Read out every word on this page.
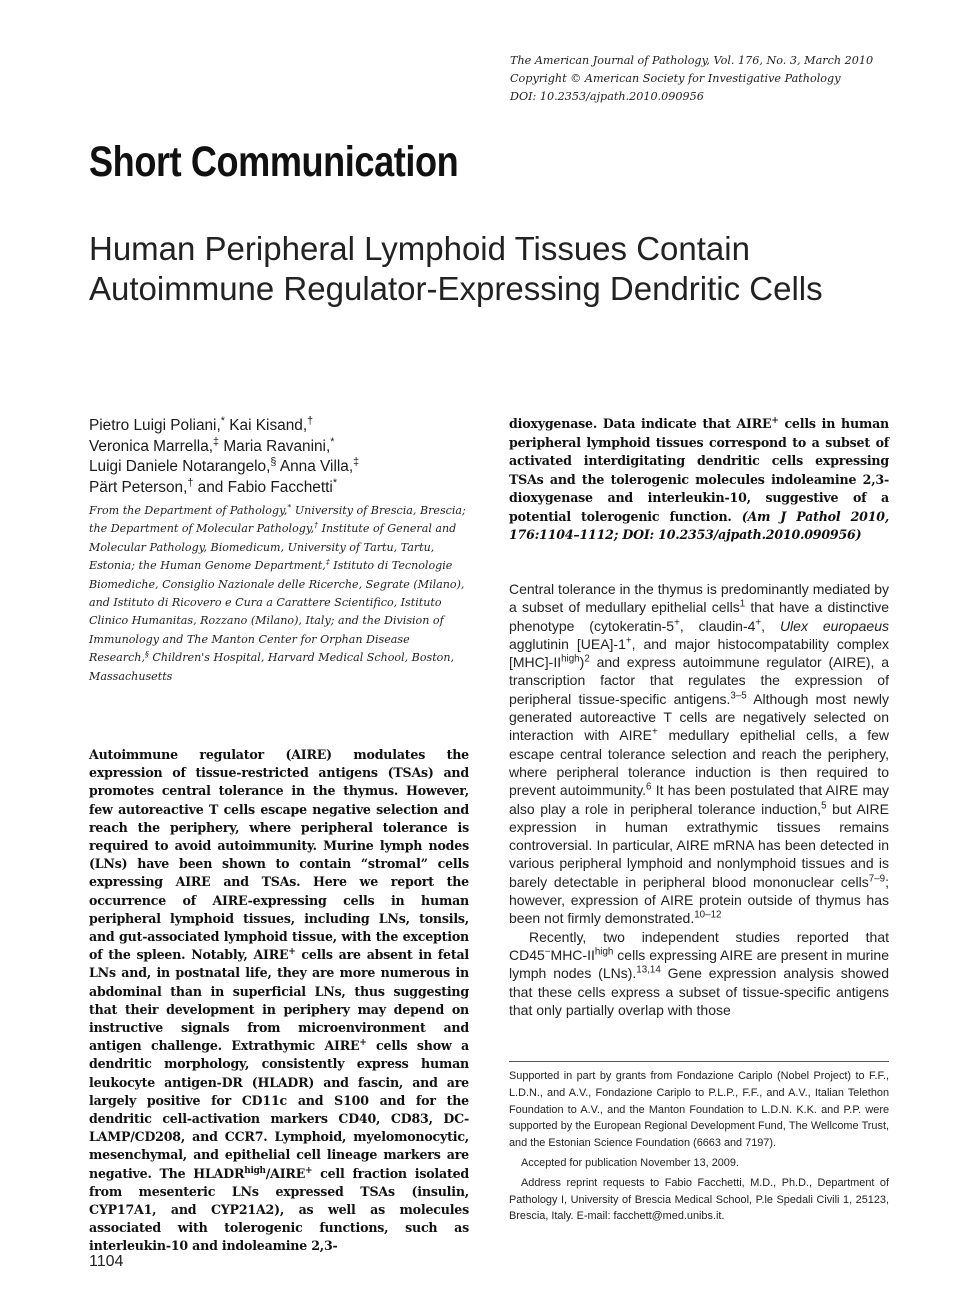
The American Journal of Pathology, Vol. 176, No. 3, March 2010
Copyright © American Society for Investigative Pathology
DOI: 10.2353/ajpath.2010.090956
Short Communication
Human Peripheral Lymphoid Tissues Contain
Autoimmune Regulator-Expressing Dendritic Cells
Pietro Luigi Poliani,* Kai Kisand,†
Veronica Marrella,‡ Maria Ravanini,*
Luigi Daniele Notarangelo,§ Anna Villa,‡
Pärt Peterson,† and Fabio Facchetti*
From the Department of Pathology,* University of Brescia, Brescia; the Department of Molecular Pathology,† Institute of General and Molecular Pathology, Biomedicum, University of Tartu, Tartu, Estonia; the Human Genome Department,‡ Istituto di Tecnologie Biomediche, Consiglio Nazionale delle Ricerche, Segrate (Milano), and Istituto di Ricovero e Cura a Carattere Scientifico, Istituto Clinico Humanitas, Rozzano (Milano), Italy; and the Division of Immunology and The Manton Center for Orphan Disease Research,§ Children's Hospital, Harvard Medical School, Boston, Massachusetts
Autoimmune regulator (AIRE) modulates the expression of tissue-restricted antigens (TSAs) and promotes central tolerance in the thymus. However, few autoreactive T cells escape negative selection and reach the periphery, where peripheral tolerance is required to avoid autoimmunity. Murine lymph nodes (LNs) have been shown to contain “stromal” cells expressing AIRE and TSAs. Here we report the occurrence of AIRE-expressing cells in human peripheral lymphoid tissues, including LNs, tonsils, and gut-associated lymphoid tissue, with the exception of the spleen. Notably, AIRE+ cells are absent in fetal LNs and, in postnatal life, they are more numerous in abdominal than in superficial LNs, thus suggesting that their development in periphery may depend on instructive signals from microenvironment and antigen challenge. Extrathymic AIRE+ cells show a dendritic morphology, consistently express human leukocyte antigen-DR (HLADR) and fascin, and are largely positive for CD11c and S100 and for the dendritic cell-activation markers CD40, CD83, DC-LAMP/CD208, and CCR7. Lymphoid, myelomonocytic, mesenchymal, and epithelial cell lineage markers are negative. The $HLADR^{high}/AIRE^+$ cell fraction isolated from mesenteric LNs expressed TSAs (insulin, CYP17A1, and CYP21A2), as well as molecules associated with tolerogenic functions, such as interleukin-10 and indoleamine 2,3-
dioxygenase. Data indicate that AIRE+ cells in human peripheral lymphoid tissues correspond to a subset of activated interdigitating dendritic cells expressing TSAs and the tolerogenic molecules indoleamine 2,3-dioxygenase and interleukin-10, suggestive of a potential tolerogenic function. (Am J Pathol 2010, 176:1104–1112; DOI: 10.2353/ajpath.2010.090956)

Central tolerance in the thymus is predominantly mediated by a subset of medullary epithelial cells$^1$ that have a distinctive phenotype (cytokeratin-5+, claudin-4+, Ulex europaeus agglutinin [UEA]-1+, and major histocompatability complex $[MHC]-II^{high})^2$ and express autoimmune regulator (AIRE), a transcription factor that regulates the expression of peripheral tissue-specific antigens.$^{3-5}$ Although most newly generated autoreactive T cells are negatively selected on interaction with AIRE+ medullary epithelial cells, a few escape central tolerance selection and reach the periphery, where peripheral tolerance induction is then required to prevent autoimmunity.$^6$ It has been postulated that AIRE may also play a role in peripheral tolerance induction,$^5$ but AIRE expression in human extrathymic tissues remains controversial. In particular, AIRE mRNA has been detected in various peripheral lymphoid and nonlymphoid tissues and is barely detectable in peripheral blood mononuclear cells$^{7-9}$; however, expression of AIRE protein outside of thymus has been not firmly demonstrated.$^{10-12}$

Recently, two independent studies reported that $CD45^-MHC-II^{high}$ cells expressing AIRE are present in murine lymph nodes (LNs).$^{13,14}$ Gene expression analysis showed that these cells express a subset of tissue-specific antigens that only partially overlap with those

Supported in part by grants from Fondazione Cariplo (Nobel Project) to F.F., L.D.N., and A.V., Fondazione Cariplo to P.L.P., F.F., and A.V., Italian Telethon Foundation to A.V., and the Manton Foundation to L.D.N. K.K. and P.P. were supported by the European Regional Development Fund, The Wellcome Trust, and the Estonian Science Foundation (6663 and 7197).

Accepted for publication November 13, 2009.

Address reprint requests to Fabio Facchetti, M.D., Ph.D., Department of Pathology I, University of Brescia Medical School, P.le Spedali Civili 1, 25123, Brescia, Italy. E-mail: facchett@med.unibs.it.

1104
